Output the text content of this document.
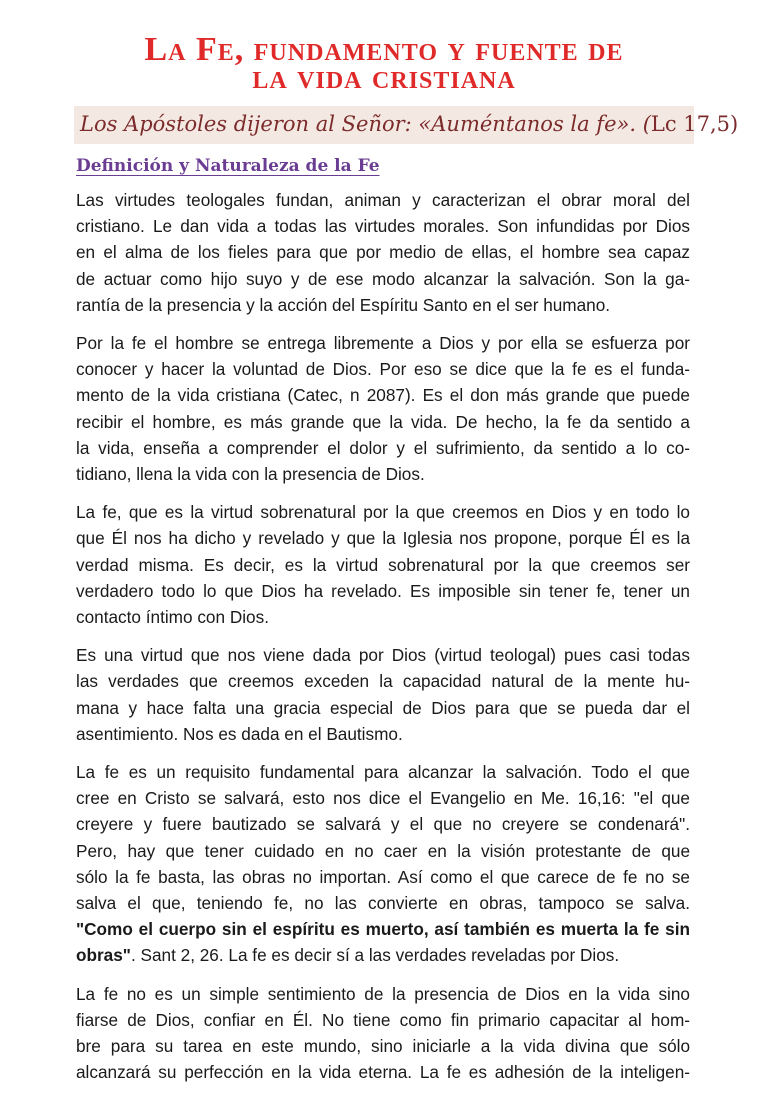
La Fe, fundamento y fuente de
la vida cristiana
Los Apóstoles dijeron al Señor: «Auméntanos la fe». (Lc 17,5)
Definición y Naturaleza de la Fe
Las virtudes teologales fundan, animan y caracterizan el obrar moral del
cristiano. Le dan vida a todas las virtudes morales. Son infundidas por Dios
en el alma de los fieles para que por medio de ellas, el hombre sea capaz
de actuar como hijo suyo y de ese modo alcanzar la salvación. Son la ga-
rantía de la presencia y la acción del Espíritu Santo en el ser humano.
Por la fe el hombre se entrega libremente a Dios y por ella se esfuerza por
conocer y hacer la voluntad de Dios. Por eso se dice que la fe es el funda-
mento de la vida cristiana (Catec, n 2087). Es el don más grande que puede
recibir el hombre, es más grande que la vida. De hecho, la fe da sentido a
la vida, enseña a comprender el dolor y el sufrimiento, da sentido a lo co-
tidiano, llena la vida con la presencia de Dios.
La fe, que es la virtud sobrenatural por la que creemos en Dios y en todo lo
que Él nos ha dicho y revelado y que la Iglesia nos propone, porque Él es la
verdad misma. Es decir, es la virtud sobrenatural por la que creemos ser
verdadero todo lo que Dios ha revelado. Es imposible sin tener fe, tener un
contacto íntimo con Dios.
Es una virtud que nos viene dada por Dios (virtud teologal) pues casi todas
las verdades que creemos exceden la capacidad natural de la mente hu-
mana y hace falta una gracia especial de Dios para que se pueda dar el
asentimiento. Nos es dada en el Bautismo.
La fe es un requisito fundamental para alcanzar la salvación. Todo el que
cree en Cristo se salvará, esto nos dice el Evangelio en Me. 16,16: "el que
creyere y fuere bautizado se salvará y el que no creyere se condenará".
Pero, hay que tener cuidado en no caer en la visión protestante de que
sólo la fe basta, las obras no importan. Así como el que carece de fe no se
salva el que, teniendo fe, no las convierte en obras, tampoco se salva.
"Como el cuerpo sin el espíritu es muerto, así también es muerta la fe sin
obras". Sant 2, 26. La fe es decir sí a las verdades reveladas por Dios.
La fe no es un simple sentimiento de la presencia de Dios en la vida sino
fiarse de Dios, confiar en Él. No tiene como fin primario capacitar al hom-
bre para su tarea en este mundo, sino iniciarle a la vida divina que sólo
alcanzará su perfección en la vida eterna. La fe es adhesión de la inteligen-
